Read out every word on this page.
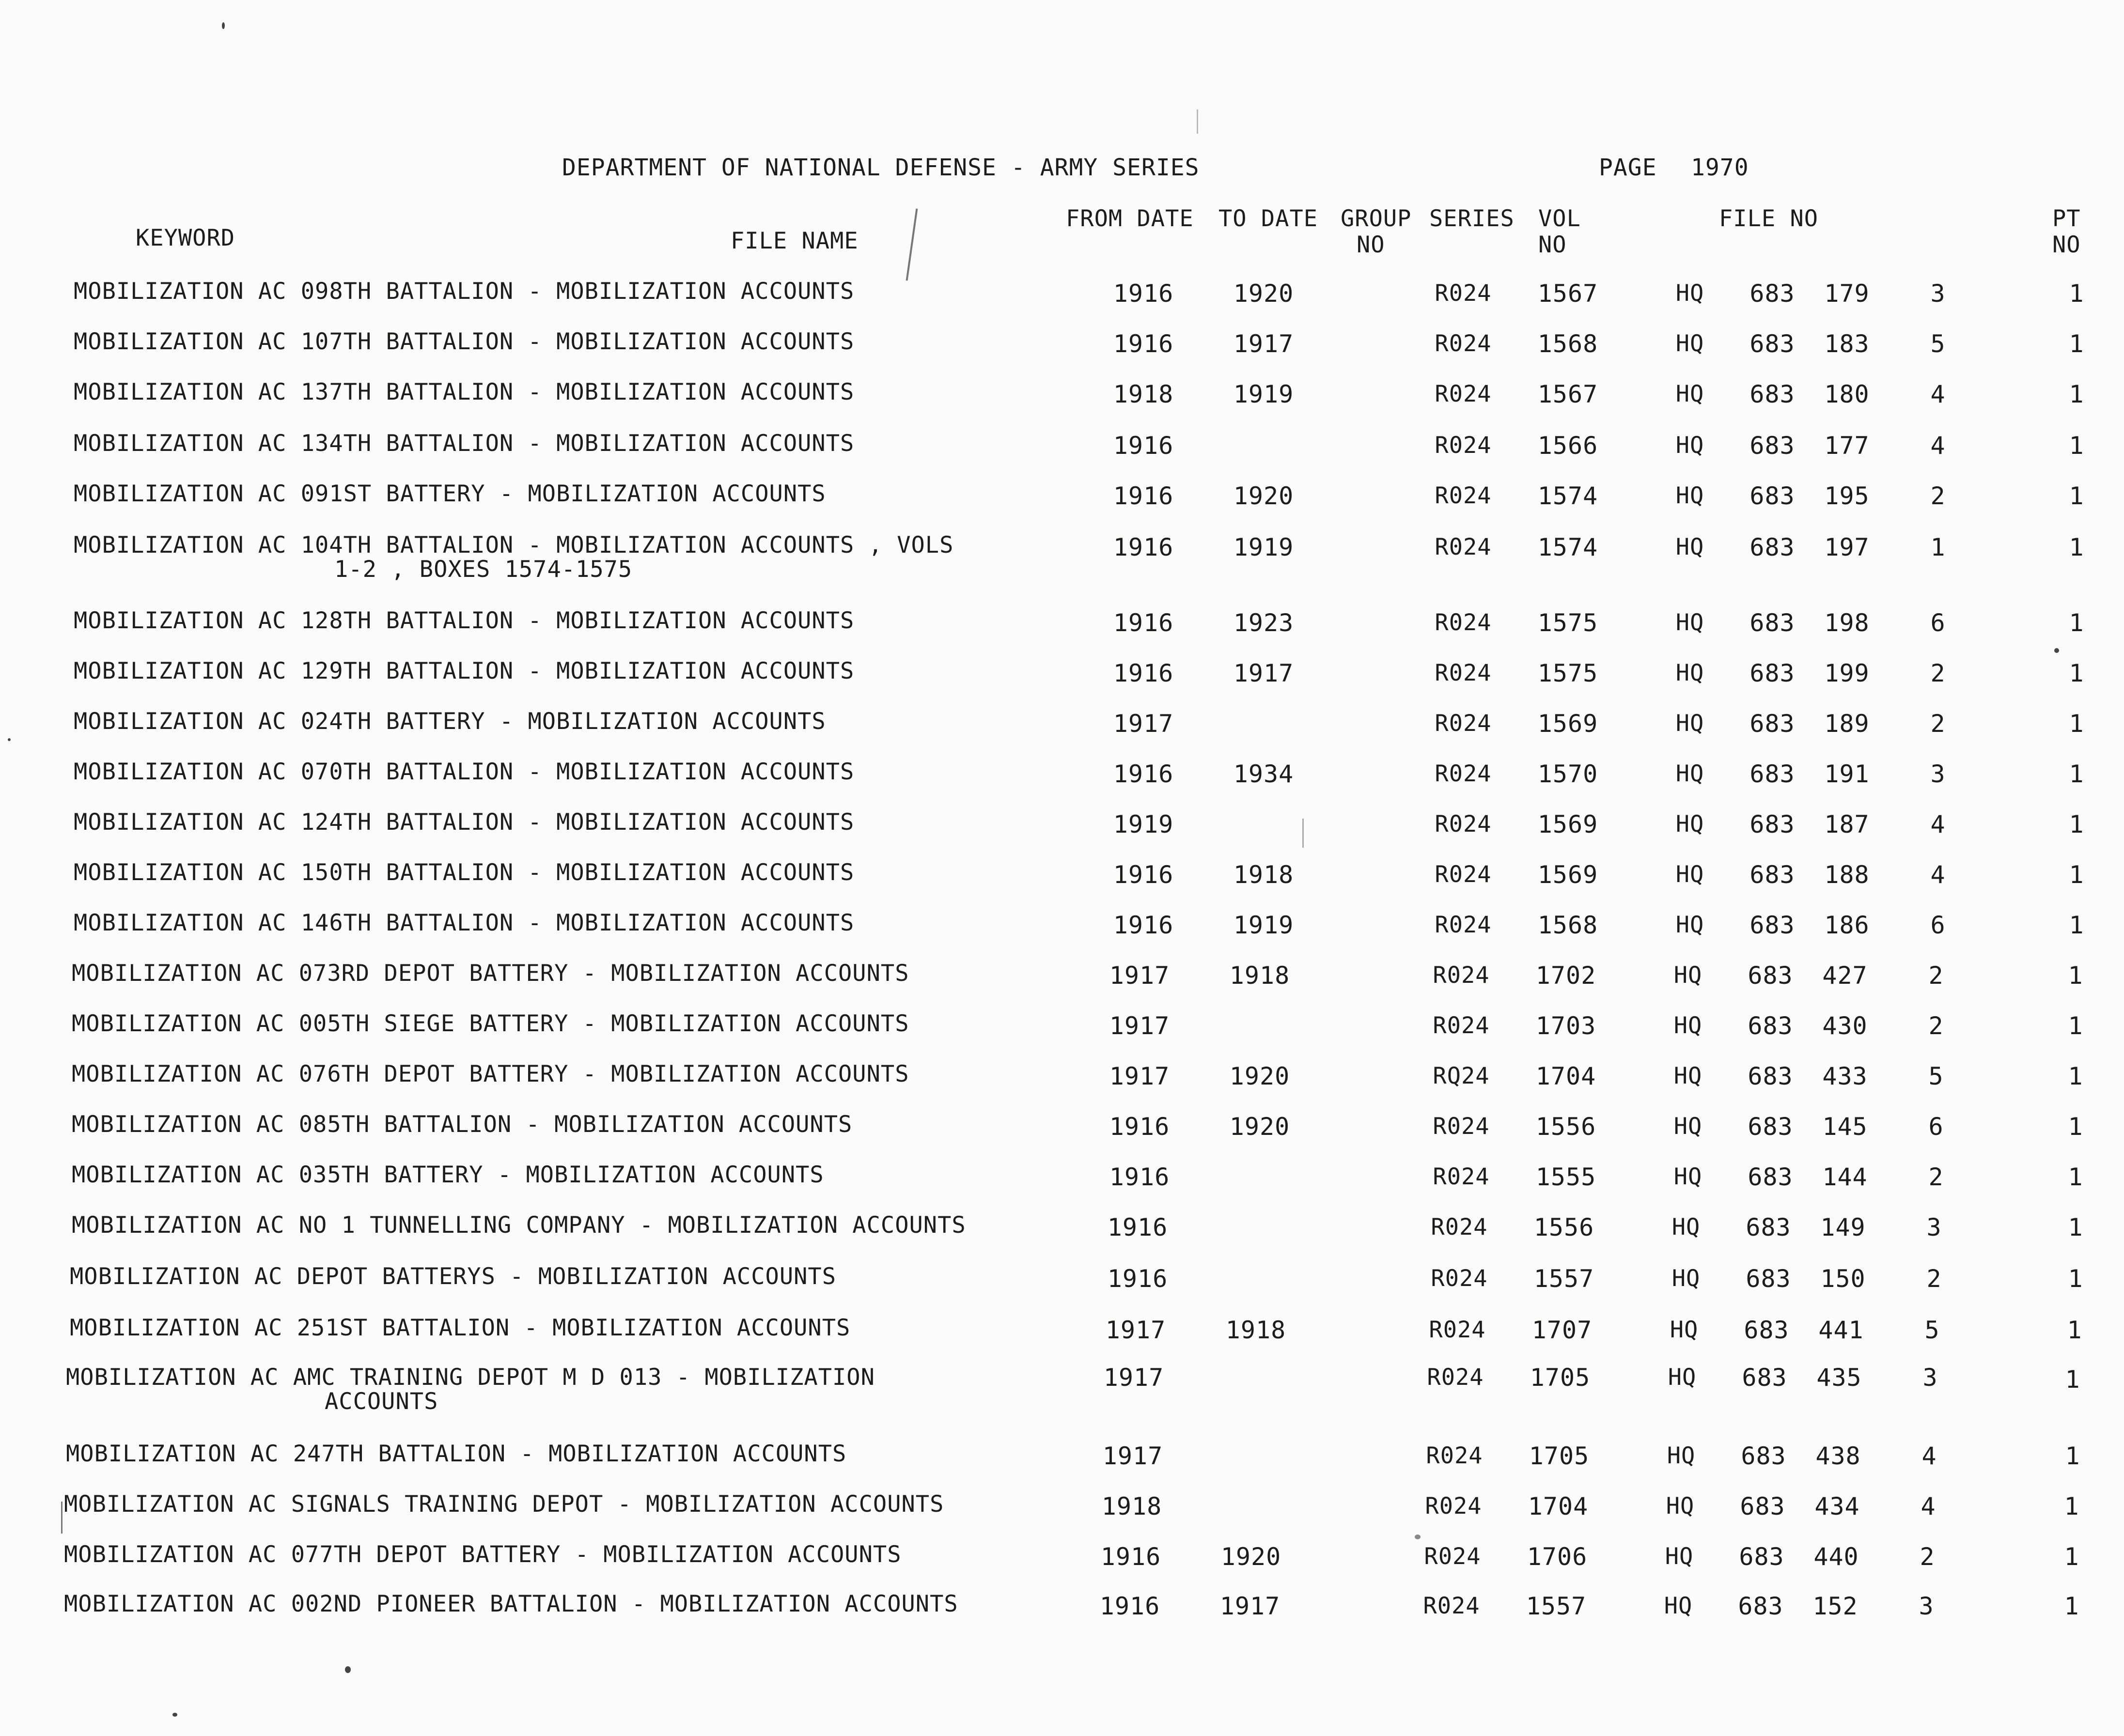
DEPARTMENT OF NATIONAL DEFENSE - ARMY SERIES	PAGE 1970
KEYWORD	FILE NAME
FROM DATE TO DATE GROUP
NO
SERIES VOL
NO
FILE NO	PT
NO
MOBILIZATION AC 098TH BATTALION - MOBILIZATION ACCOUNTS	1916 1920	R024 1567	HQ 683 179	3	1
MOBILIZATION AC 107TH BATTALION - MOBILIZATION ACCOUNTS	1916 1917	R024 1568	HQ 683 183	5	1
MOBILIZATION AC 137TH BATTALION - MOBILIZATION ACCOUNTS	1918 1919	R024 1567	HQ 683 180	4	1
MOBILIZATION AC 134TH BATTALION - MOBILIZATION ACCOUNTS	1916	R024 1566	HQ 683 177	4	1
MOBILIZATION AC 091ST BATTERY - MOBILIZATION ACCOUNTS	1916 1920	R024 1574	HQ 683 195	2	1
MOBILIZATION AC 104TH BATTALION - MOBILIZATION ACCOUNTS , VOLS
1-2 , BOXES 1574-1575
1916 1919	R024 1574	HQ 683 197	1	1
MOBILIZATION AC 128TH BATTALION - MOBILIZATION ACCOUNTS	1916 1923	R024 1575	HQ 683 198	6	1
MOBILIZATION AC 129TH BATTALION - MOBILIZATION ACCOUNTS	1916 1917	R024 1575	HQ 683 199	2	1
MOBILIZATION AC 024TH BATTERY - MOBILIZATION ACCOUNTS	1917	R024 1569	HQ 683 189	2	1
MOBILIZATION AC 070TH BATTALION - MOBILIZATION ACCOUNTS	1916 1934	R024 1570	HQ 683 191	3	1
MOBILIZATION AC 124TH BATTALION - MOBILIZATION ACCOUNTS	1919	R024 1569	HQ 683 187	4	1
MOBILIZATION AC 150TH BATTALION - MOBILIZATION ACCOUNTS	1916 1918	R024 1569	HQ 683 188	4	1
MOBILIZATION AC 146TH BATTALION - MOBILIZATION ACCOUNTS	1916 1919	R024 1568	HQ 683 186	6	1
MOBILIZATION AC 073RD DEPOT BATTERY - MOBILIZATION ACCOUNTS	1917 1918	R024 1702	HQ 683 427	2	1
MOBILIZATION AC 005TH SIEGE BATTERY - MOBILIZATION ACCOUNTS	1917	R024 1703	HQ 683 430	2	1
MOBILIZATION AC 076TH DEPOT BATTERY - MOBILIZATION ACCOUNTS	1917 1920	RQ24 1704	HQ 683 433	5	1
MOBILIZATION AC 085TH BATTALION - MOBILIZATION ACCOUNTS	1916 1920	R024 1556	HQ 683 145	6	1
MOBILIZATION AC 035TH BATTERY - MOBILIZATION ACCOUNTS	1916	R024 1555	HQ 683 144	2	1
MOBILIZATION AC NO 1 TUNNELLING COMPANY - MOBILIZATION ACCOUNTS	1916	R024 1556	HQ 683 149	3	1
MOBILIZATION AC DEPOT BATTERYS - MOBILIZATION ACCOUNTS	1916	R024 1557	HQ 683 150	2	1
MOBILIZATION AC 251ST BATTALION - MOBILIZATION ACCOUNTS	1917 1918	R024 1707	HQ 683 441	5	1
MOBILIZATION AC AMC TRAINING DEPOT M D 013 - MOBILIZATION
ACCOUNTS
1917	R024 1705	HQ 683 435	3	1
MOBILIZATION AC 247TH BATTALION - MOBILIZATION ACCOUNTS	1917	R024 1705	HQ 683 438	4	1
MOBILIZATION AC SIGNALS TRAINING DEPOT - MOBILIZATION ACCOUNTS	1918	R024 1704	HQ 683 434	4	1
MOBILIZATION AC 077TH DEPOT BATTERY - MOBILIZATION ACCOUNTS	1916 1920	R024 1706	HQ 683 440	2	1
MOBILIZATION AC 002ND PIONEER BATTALION - MOBILIZATION ACCOUNTS	1916 1917	R024 1557	HQ 683 152	3	1
